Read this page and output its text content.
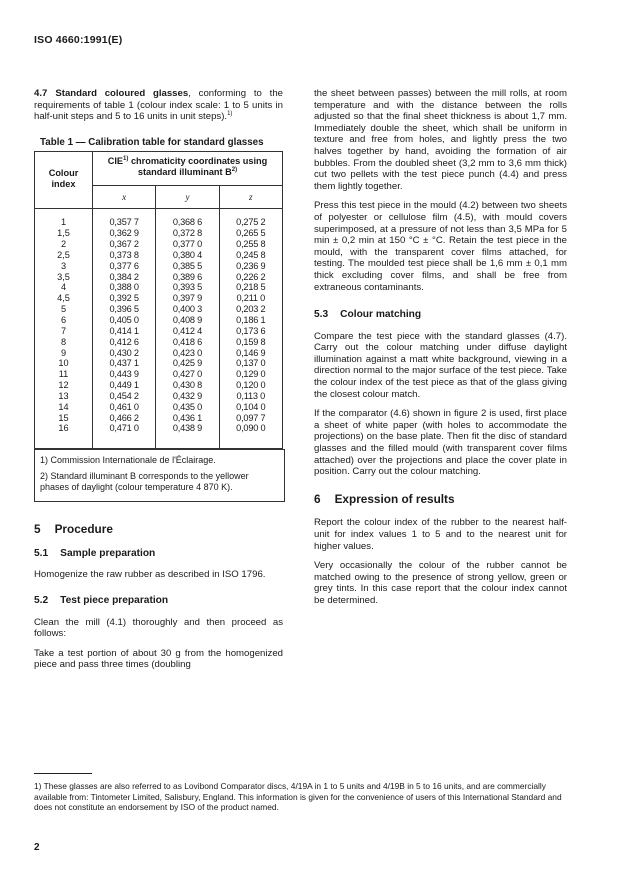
ISO 4660:1991(E)

4.7 Standard coloured glasses, conforming to the requirements of table 1 (colour index scale: 1 to 5 units in half-unit steps and 5 to 16 units in unit steps).$^{1)}$

Table 1 — Calibration table for standard glasses
Colour index	CIE$^{1)}$ chromaticity coordinates using standard illuminant $B^{2)}$
	x	y	z
1	0,357 7	0,368 6	0,275 2
1,5	0,362 9	0,372 8	0,265 5
2	0,367 2	0,377 0	0,255 8
2,5	0,373 8	0,380 4	0,245 8
3	0,377 6	0,385 5	0,236 9
3,5	0,384 2	0,389 6	0,226 2
4	0,388 0	0,393 5	0,218 5
4,5	0,392 5	0,397 9	0,211 0
5	0,396 5	0,400 3	0,203 2
6	0,405 0	0,408 9	0,186 1
7	0,414 1	0,412 4	0,173 6
8	0,412 6	0,418 6	0,159 8
9	0,430 2	0,423 0	0,146 9
10	0,437 1	0,425 9	0,137 0
11	0,443 9	0,427 0	0,129 0
12	0,449 1	0,430 8	0,120 0
13	0,454 2	0,432 9	0,113 0
14	0,461 0	0,435 0	0,104 0
15	0,466 2	0,436 1	0,097 7
16	0,471 0	0,438 9	0,090 0
1) Commission Internationale de l'Éclairage.
2) Standard illuminant B corresponds to the yellower phases of daylight (colour temperature 4 870 K).
5 Procedure
5.1 Sample preparation

Homogenize the raw rubber as described in ISO 1796.

5.2 Test piece preparation

Clean the mill (4.1) thoroughly and then proceed as follows:

Take a test portion of about 30 g from the homogenized piece and pass three times (doubling

the sheet between passes) between the mill rolls, at room temperature and with the distance between the rolls adjusted so that the final sheet thickness is about 1,7 mm. Immediately double the sheet, which shall be uniform in texture and free from holes, and lightly press the two halves together by hand, avoiding the formation of air bubbles. From the doubled sheet (3,2 mm to 3,6 mm thick) cut two pellets with the test piece punch (4.4) and press them lightly together.

Press this test piece in the mould (4.2) between two sheets of polyester or cellulose film (4.5), with mould covers superimposed, at a pressure of not less than 3,5 MPa for 5 min ± 0,2 min at 150 °C ± °C. Retain the test piece in the mould, with the transparent cover films attached, for testing. The moulded test piece shall be 1,6 mm ± 0,1 mm thick excluding cover films, and shall be free from extraneous contaminants.

5.3 Colour matching

Compare the test piece with the standard glasses (4.7). Carry out the colour matching under diffuse daylight illumination against a matt white background, viewing in a direction normal to the major surface of the test piece. Take the colour index of the test piece as that of the glass giving the closest colour match.

If the comparator (4.6) shown in figure 2 is used, first place a sheet of white paper (with holes to accommodate the projections) on the base plate. Then fit the disc of standard glasses and the filled mould (with transparent cover films attached) over the projections and place the cover plate in position. Carry out the colour matching.

6 Expression of results

Report the colour index of the rubber to the nearest half-unit for index values 1 to 5 and to the nearest unit for higher values.

Very occasionally the colour of the rubber cannot be matched owing to the presence of strong yellow, green or grey tints. In this case report that the colour index cannot be determined.

1) These glasses are also referred to as Lovibond Comparator discs, 4/19A in 1 to 5 units and 4/19B in 5 to 16 units, and are commercially available from: Tintometer Limited, Salisbury, England. This information is given for the convenience of users of this International Standard and does not constitute an endorsement by ISO of the product named.
2
